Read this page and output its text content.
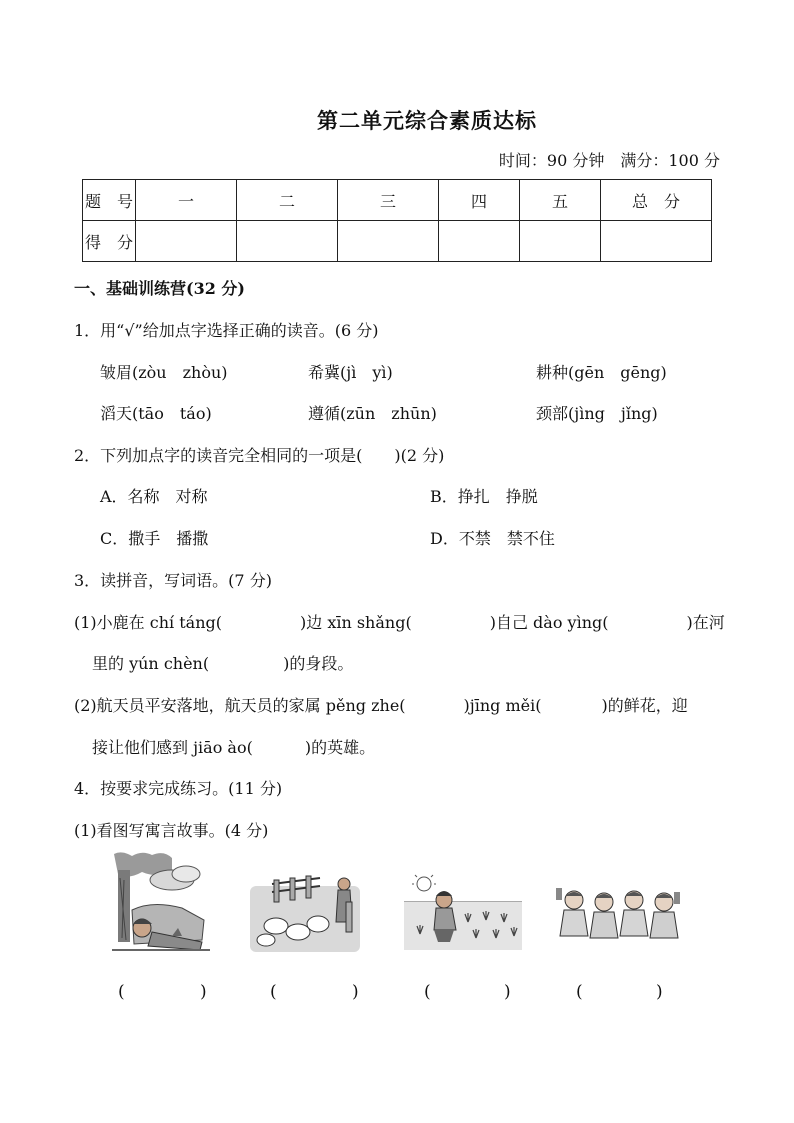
第二单元综合素质达标
时间：90 分钟　满分：100 分
题　号	一	二	三	四	五	总　分
得　分						
一、基础训练营(32 分)
1．用“√”给加点字选择正确的读音。(6 分)
皱眉(zòu　zhòu)	希冀(jì　yì)	耕种(gēn　gēng)
滔天(tāo　táo)	遵循(zūn　zhūn)	颈部(jìng　jǐng)
2．下列加点字的读音完全相同的一项是(　　)(2 分)
A．名称　对称	B．挣扎　挣脱
C．撒手　播撒	D．不禁　禁不住
3．读拼音，写词语。(7 分)
(1)小鹿在 chí táng(	)边 xīn shǎng(	)自己 dào yìng(	)在河
里的 yún chèn(	)的身段。
(2)航天员平安落地，航天员的家属 pěng zhe(	)jīng měi(	)的鲜花，迎
接让他们感到 jiāo ào(	)的英雄。
4．按要求完成练习。(11 分)
(1)看图写寓言故事。(4 分)
(	)	(	)	(	)	(	)
